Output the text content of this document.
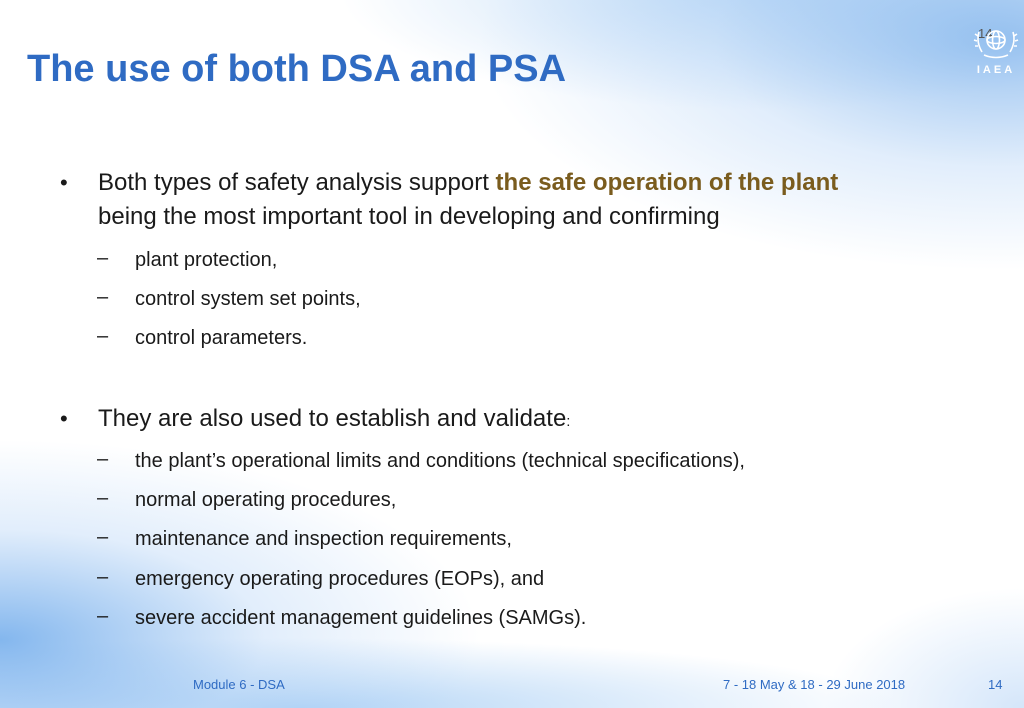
14
IAEA
The use of both DSA and PSA
• Both types of safety analysis support the safe operation of the plant
being the most important tool in developing and confirming
– plant protection,
– control system set points,
– control parameters.
• They are also used to establish and validate:
– the plant’s operational limits and conditions (technical specifications),
– normal operating procedures,
– maintenance and inspection requirements,
– emergency operating procedures (EOPs), and
– severe accident management guidelines (SAMGs).
Module 6 - DSA	7 - 18 May & 18 - 29 June 2018	14
